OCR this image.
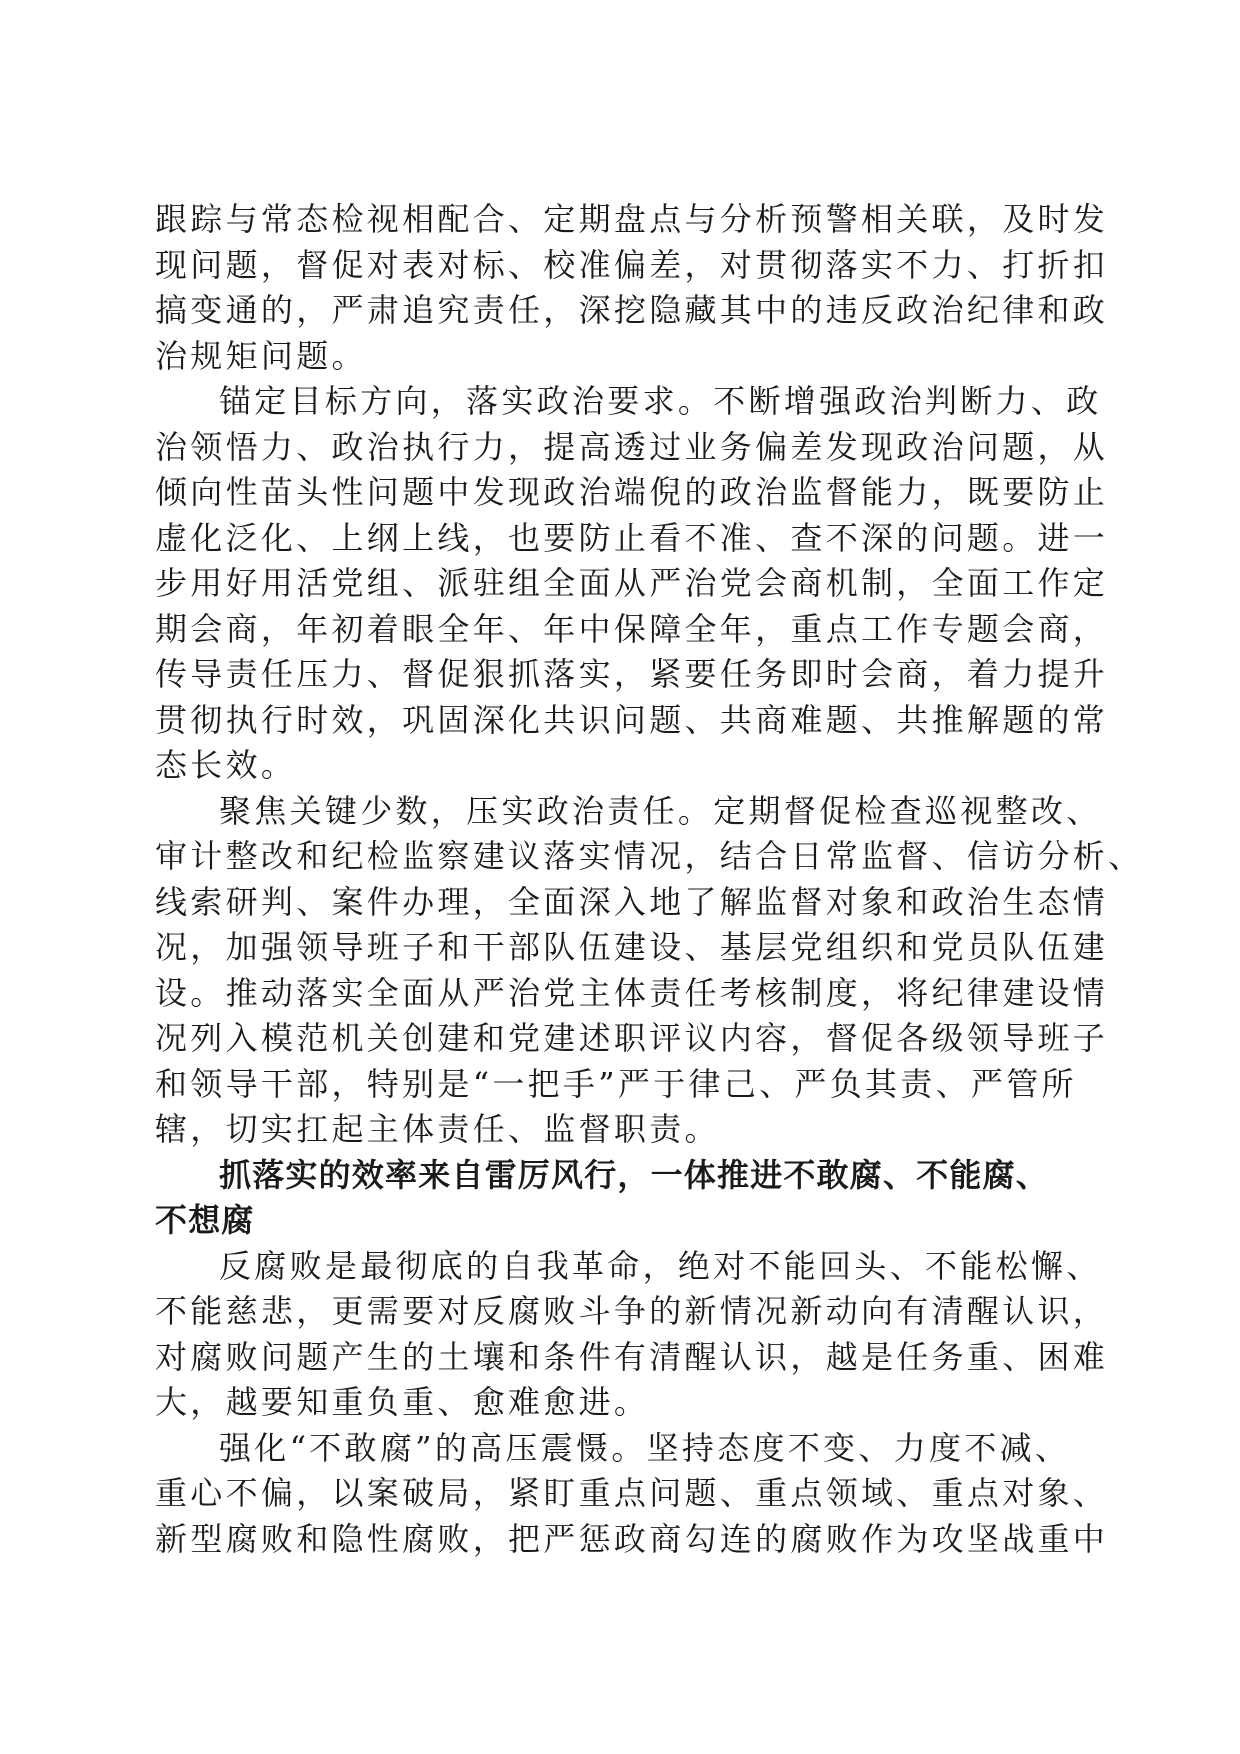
跟踪与常态检视相配合、定期盘点与分析预警相关联，及时发
现问题，督促对表对标、校准偏差，对贯彻落实不力、打折扣
搞变通的，严肃追究责任，深挖隐藏其中的违反政治纪律和政
治规矩问题。
锚定目标方向，落实政治要求。不断增强政治判断力、政
治领悟力、政治执行力，提高透过业务偏差发现政治问题，从
倾向性苗头性问题中发现政治端倪的政治监督能力，既要防止
虚化泛化、上纲上线，也要防止看不准、查不深的问题。进一
步用好用活党组、派驻组全面从严治党会商机制，全面工作定
期会商，年初着眼全年、年中保障全年，重点工作专题会商，
传导责任压力、督促狠抓落实，紧要任务即时会商，着力提升
贯彻执行时效，巩固深化共识问题、共商难题、共推解题的常
态长效。
聚焦关键少数，压实政治责任。定期督促检查巡视整改、
审计整改和纪检监察建议落实情况，结合日常监督、信访分析、
线索研判、案件办理，全面深入地了解监督对象和政治生态情
况，加强领导班子和干部队伍建设、基层党组织和党员队伍建
设。推动落实全面从严治党主体责任考核制度，将纪律建设情
况列入模范机关创建和党建述职评议内容，督促各级领导班子
和领导干部，特别是“一把手”严于律己、严负其责、严管所
辖，切实扛起主体责任、监督职责。
抓落实的效率来自雷厉风行，一体推进不敢腐、不能腐、
不想腐
反腐败是最彻底的自我革命，绝对不能回头、不能松懈、
不能慈悲，更需要对反腐败斗争的新情况新动向有清醒认识，
对腐败问题产生的土壤和条件有清醒认识，越是任务重、困难
大，越要知重负重、愈难愈进。
强化“不敢腐”的高压震慑。坚持态度不变、力度不减、
重心不偏，以案破局，紧盯重点问题、重点领域、重点对象、
新型腐败和隐性腐败，把严惩政商勾连的腐败作为攻坚战重中
